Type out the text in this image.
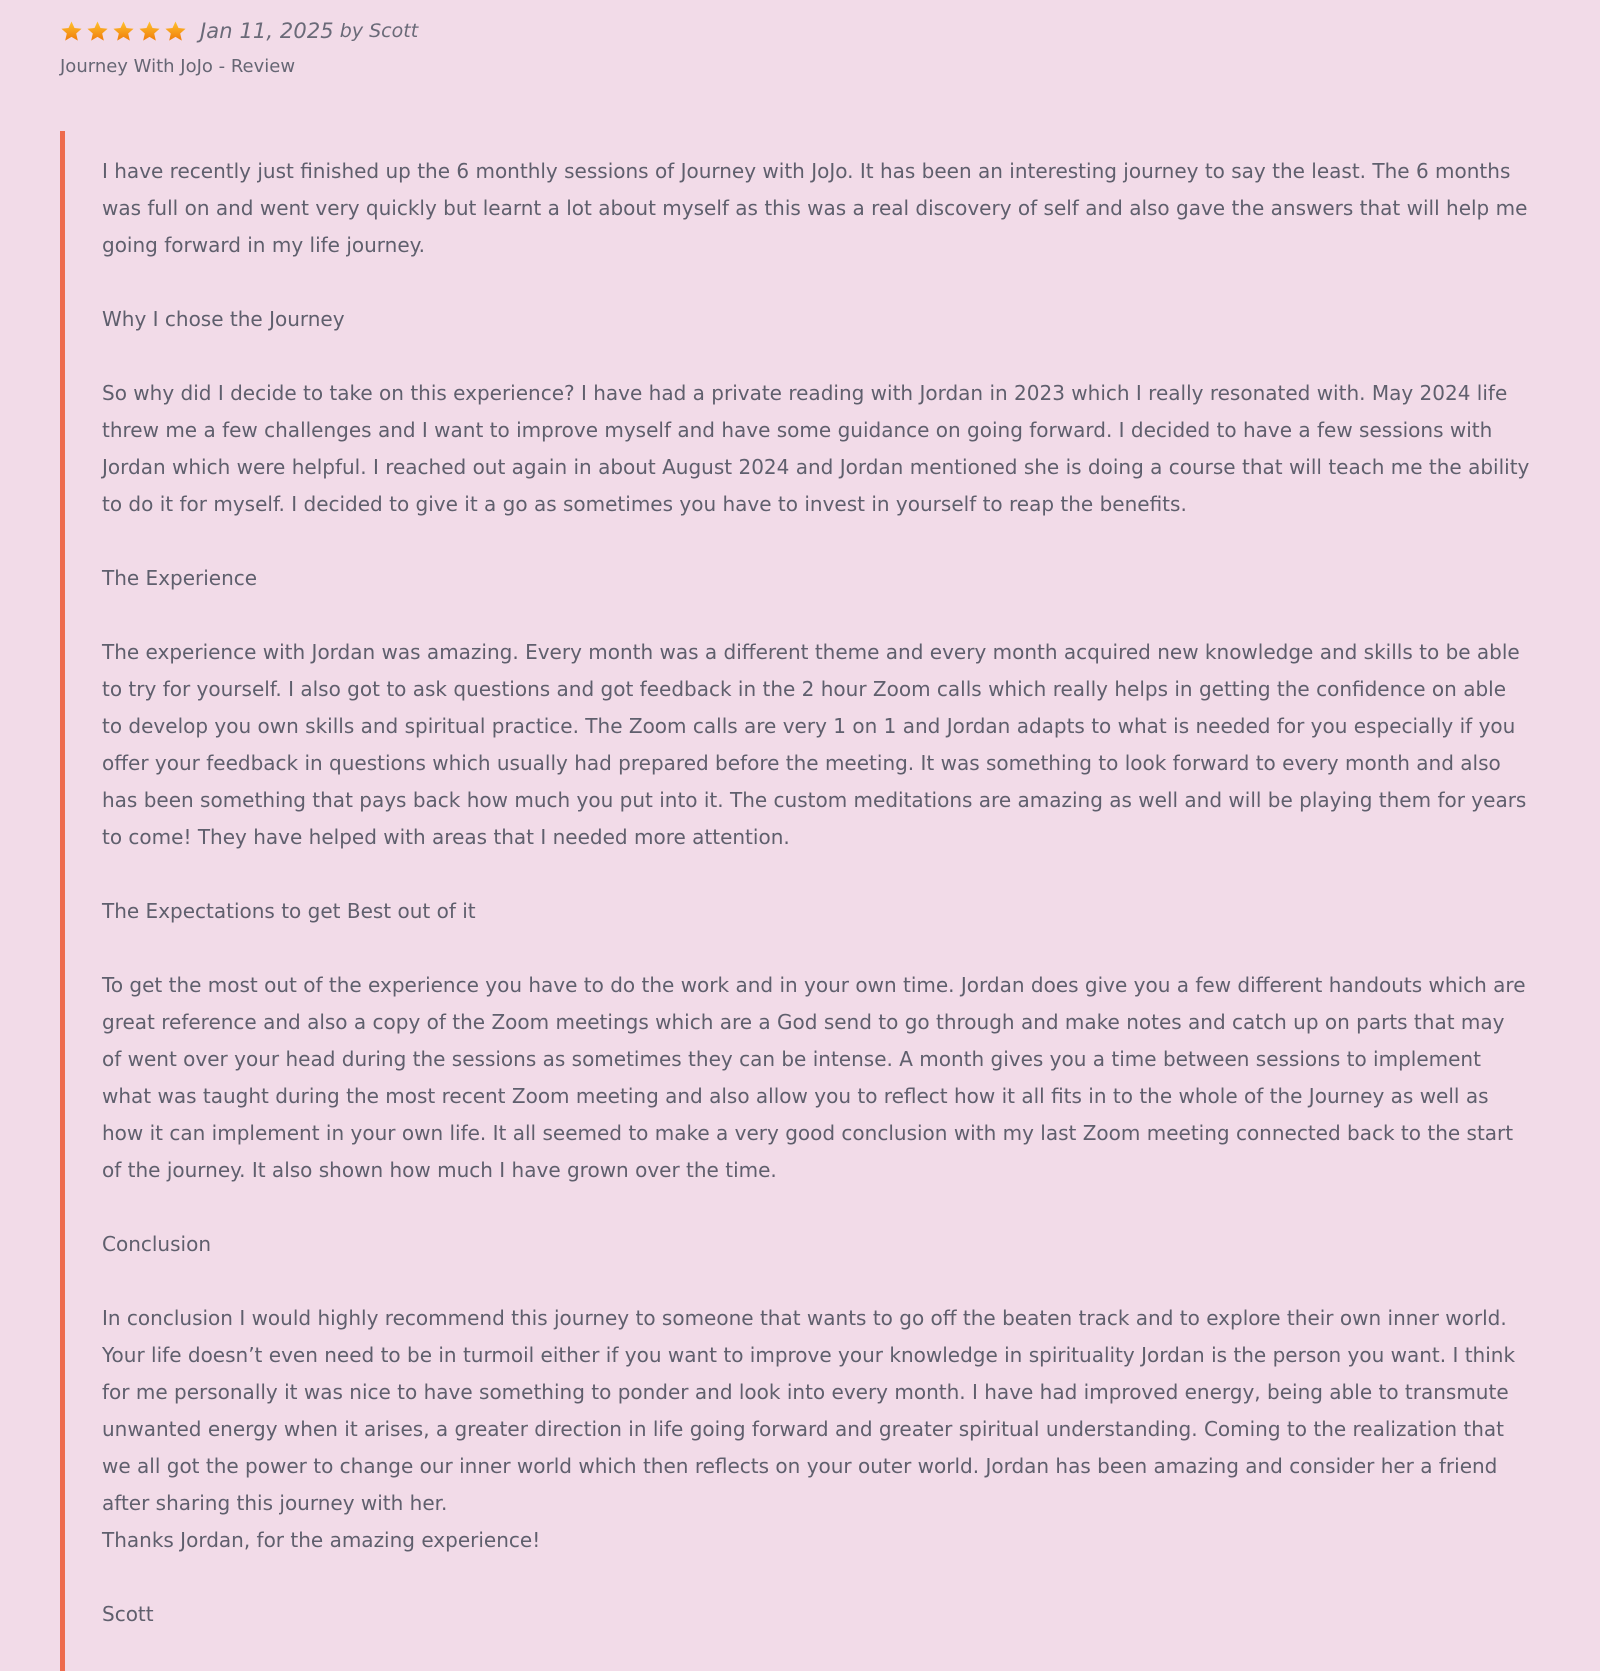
Jan 11, 2025 by Scott
Journey With JoJo - Review

I have recently just finished up the 6 monthly sessions of Journey with JoJo. It has been an interesting journey to say the least. The 6 months was full on and went very quickly but learnt a lot about myself as this was a real discovery of self and also gave the answers that will help me going forward in my life journey.

Why I chose the Journey

So why did I decide to take on this experience? I have had a private reading with Jordan in 2023 which I really resonated with. May 2024 life threw me a few challenges and I want to improve myself and have some guidance on going forward. I decided to have a few sessions with Jordan which were helpful. I reached out again in about August 2024 and Jordan mentioned she is doing a course that will teach me the ability to do it for myself. I decided to give it a go as sometimes you have to invest in yourself to reap the benefits.

The Experience

The experience with Jordan was amazing. Every month was a different theme and every month acquired new knowledge and skills to be able to try for yourself. I also got to ask questions and got feedback in the 2 hour Zoom calls which really helps in getting the confidence on able to develop you own skills and spiritual practice. The Zoom calls are very 1 on 1 and Jordan adapts to what is needed for you especially if you offer your feedback in questions which usually had prepared before the meeting. It was something to look forward to every month and also has been something that pays back how much you put into it. The custom meditations are amazing as well and will be playing them for years to come! They have helped with areas that I needed more attention.

The Expectations to get Best out of it

To get the most out of the experience you have to do the work and in your own time. Jordan does give you a few different handouts which are great reference and also a copy of the Zoom meetings which are a God send to go through and make notes and catch up on parts that may of went over your head during the sessions as sometimes they can be intense. A month gives you a time between sessions to implement what was taught during the most recent Zoom meeting and also allow you to reflect how it all fits in to the whole of the Journey as well as how it can implement in your own life. It all seemed to make a very good conclusion with my last Zoom meeting connected back to the start of the journey. It also shown how much I have grown over the time.

Conclusion

In conclusion I would highly recommend this journey to someone that wants to go off the beaten track and to explore their own inner world. Your life doesn’t even need to be in turmoil either if you want to improve your knowledge in spirituality Jordan is the person you want. I think for me personally it was nice to have something to ponder and look into every month. I have had improved energy, being able to transmute unwanted energy when it arises, a greater direction in life going forward and greater spiritual understanding. Coming to the realization that we all got the power to change our inner world which then reflects on your outer world. Jordan has been amazing and consider her a friend after sharing this journey with her.

Thanks Jordan, for the amazing experience!

Scott
